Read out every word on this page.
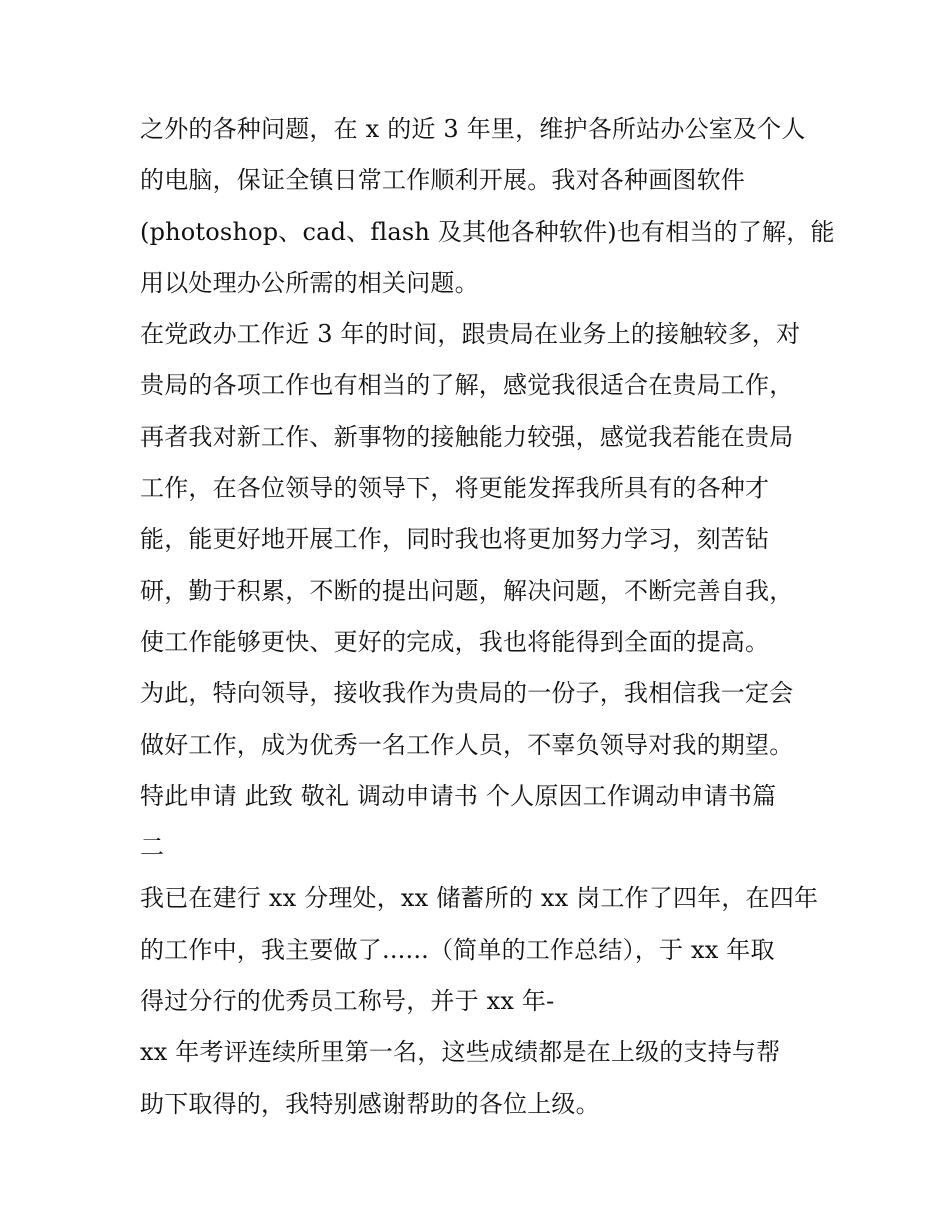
之外的各种问题，在 x 的近 3 年里，维护各所站办公室及个人
的电脑，保证全镇日常工作顺利开展。我对各种画图软件
(photoshop、cad、flash 及其他各种软件)也有相当的了解，能
用以处理办公所需的相关问题。
在党政办工作近 3 年的时间，跟贵局在业务上的接触较多，对
贵局的各项工作也有相当的了解，感觉我很适合在贵局工作，
再者我对新工作、新事物的接触能力较强，感觉我若能在贵局
工作，在各位领导的领导下，将更能发挥我所具有的各种才
能，能更好地开展工作，同时我也将更加努力学习，刻苦钻
研，勤于积累，不断的提出问题，解决问题，不断完善自我，
使工作能够更快、更好的完成，我也将能得到全面的提高。
为此，特向领导，接收我作为贵局的一份子，我相信我一定会
做好工作，成为优秀一名工作人员，不辜负领导对我的期望。
特此申请 此致 敬礼 调动申请书 个人原因工作调动申请书篇
二
我已在建行 xx 分理处，xx 储蓄所的 xx 岗工作了四年，在四年
的工作中，我主要做了......（简单的工作总结），于 xx 年取
得过分行的优秀员工称号，并于 xx 年-
xx 年考评连续所里第一名，这些成绩都是在上级的支持与帮
助下取得的，我特别感谢帮助的各位上级。
